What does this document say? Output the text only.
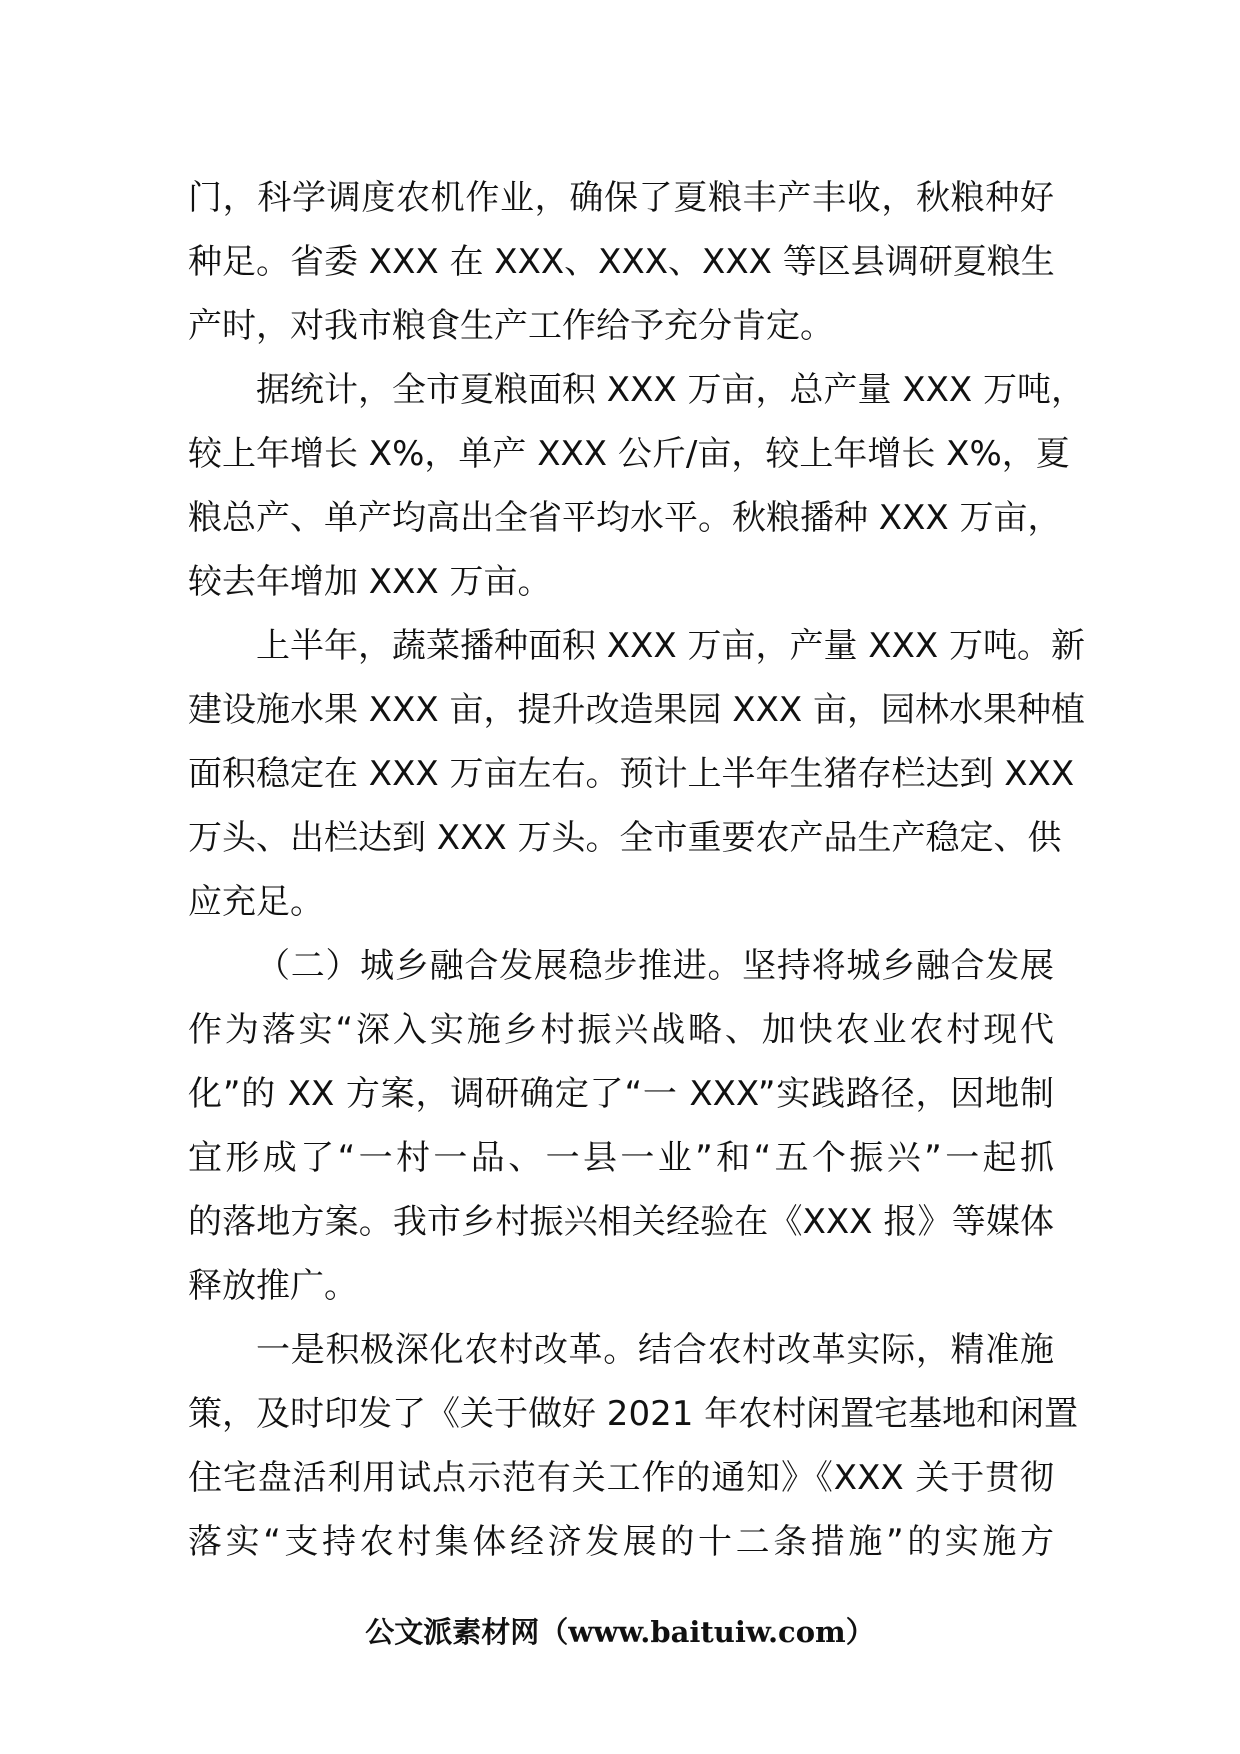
门，科学调度农机作业，确保了夏粮丰产丰收，秋粮种好
种足。省委 XXX 在 XXX、XXX、XXX 等区县调研夏粮生
产时，对我市粮食生产工作给予充分肯定。
据统计，全市夏粮面积 XXX 万亩，总产量 XXX 万吨，
较上年增长 X%，单产 XXX 公斤/亩，较上年增长 X%，夏
粮总产、单产均高出全省平均水平。秋粮播种 XXX 万亩，
较去年增加 XXX 万亩。
上半年，蔬菜播种面积 XXX 万亩，产量 XXX 万吨。新
建设施水果 XXX 亩，提升改造果园 XXX 亩，园林水果种植
面积稳定在 XXX 万亩左右。预计上半年生猪存栏达到 XXX
万头、出栏达到 XXX 万头。全市重要农产品生产稳定、供
应充足。
（二）城乡融合发展稳步推进。坚持将城乡融合发展
作为落实“深入实施乡村振兴战略、加快农业农村现代
化”的 XX 方案，调研确定了“一 XXX”实践路径，因地制
宜形成了“一村一品、一县一业”和“五个振兴”一起抓
的落地方案。我市乡村振兴相关经验在《XXX 报》等媒体
释放推广。
一是积极深化农村改革。结合农村改革实际，精准施
策，及时印发了《关于做好 2021 年农村闲置宅基地和闲置
住宅盘活利用试点示范有关工作的通知》《XXX 关于贯彻
落实“支持农村集体经济发展的十二条措施”的实施方
公文派素材网（www.baituiw.com）
